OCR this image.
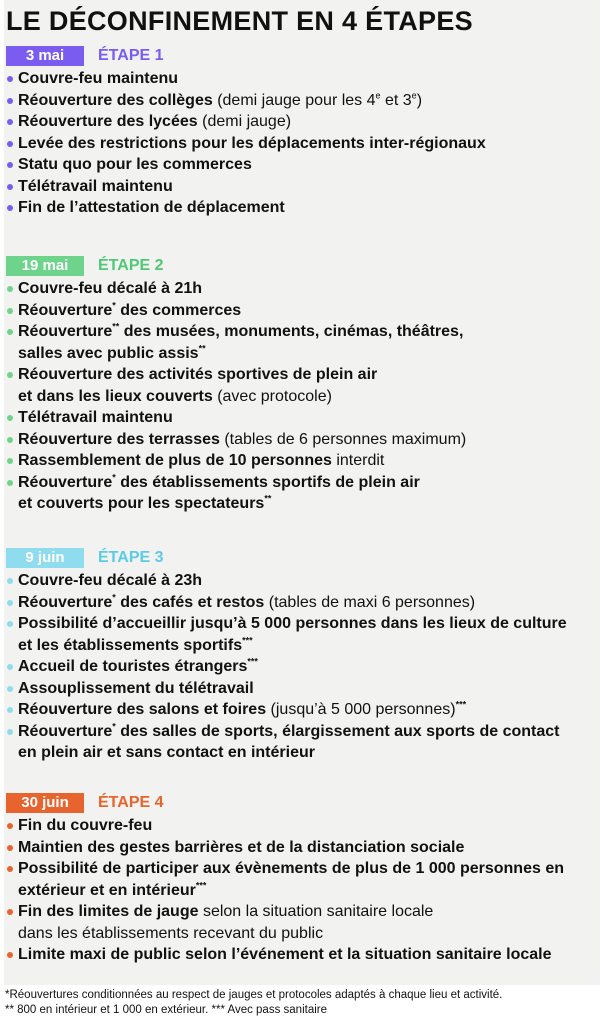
LE DÉCONFINEMENT EN 4 ÉTAPES
3 mai	ÉTAPE 1
Couvre-feu maintenu
Réouverture des collèges (demi jauge pour les 4e et 3e)
Réouverture des lycées (demi jauge)
Levée des restrictions pour les déplacements inter-régionaux
Statu quo pour les commerces
Télétravail maintenu
Fin de l’attestation de déplacement
19 mai	ÉTAPE 2
Couvre-feu décalé à 21h
Réouverture* des commerces
Réouverture** des musées, monuments, cinémas, théâtres,
salles avec public assis**
Réouverture des activités sportives de plein air
et dans les lieux couverts (avec protocole)
Télétravail maintenu
Réouverture des terrasses (tables de 6 personnes maximum)
Rassemblement de plus de 10 personnes interdit
Réouverture* des établissements sportifs de plein air
et couverts pour les spectateurs**
9 juin	ÉTAPE 3
Couvre-feu décalé à 23h
Réouverture* des cafés et restos (tables de maxi 6 personnes)
Possibilité d’accueillir jusqu’à 5 000 personnes dans les lieux de culture
et les établissements sportifs***
Accueil de touristes étrangers***
Assouplissement du télétravail
Réouverture des salons et foires (jusqu’à 5 000 personnes)***
Réouverture* des salles de sports, élargissement aux sports de contact
en plein air et sans contact en intérieur
30 juin	ÉTAPE 4
Fin du couvre-feu
Maintien des gestes barrières et de la distanciation sociale
Possibilité de participer aux évènements de plus de 1 000 personnes en
extérieur et en intérieur***
Fin des limites de jauge selon la situation sanitaire locale
dans les établissements recevant du public
Limite maxi de public selon l’événement et la situation sanitaire locale
*Réouvertures conditionnées au respect de jauges et protocoles adaptés à chaque lieu et activité.
** 800 en intérieur et 1 000 en extérieur. *** Avec pass sanitaire
